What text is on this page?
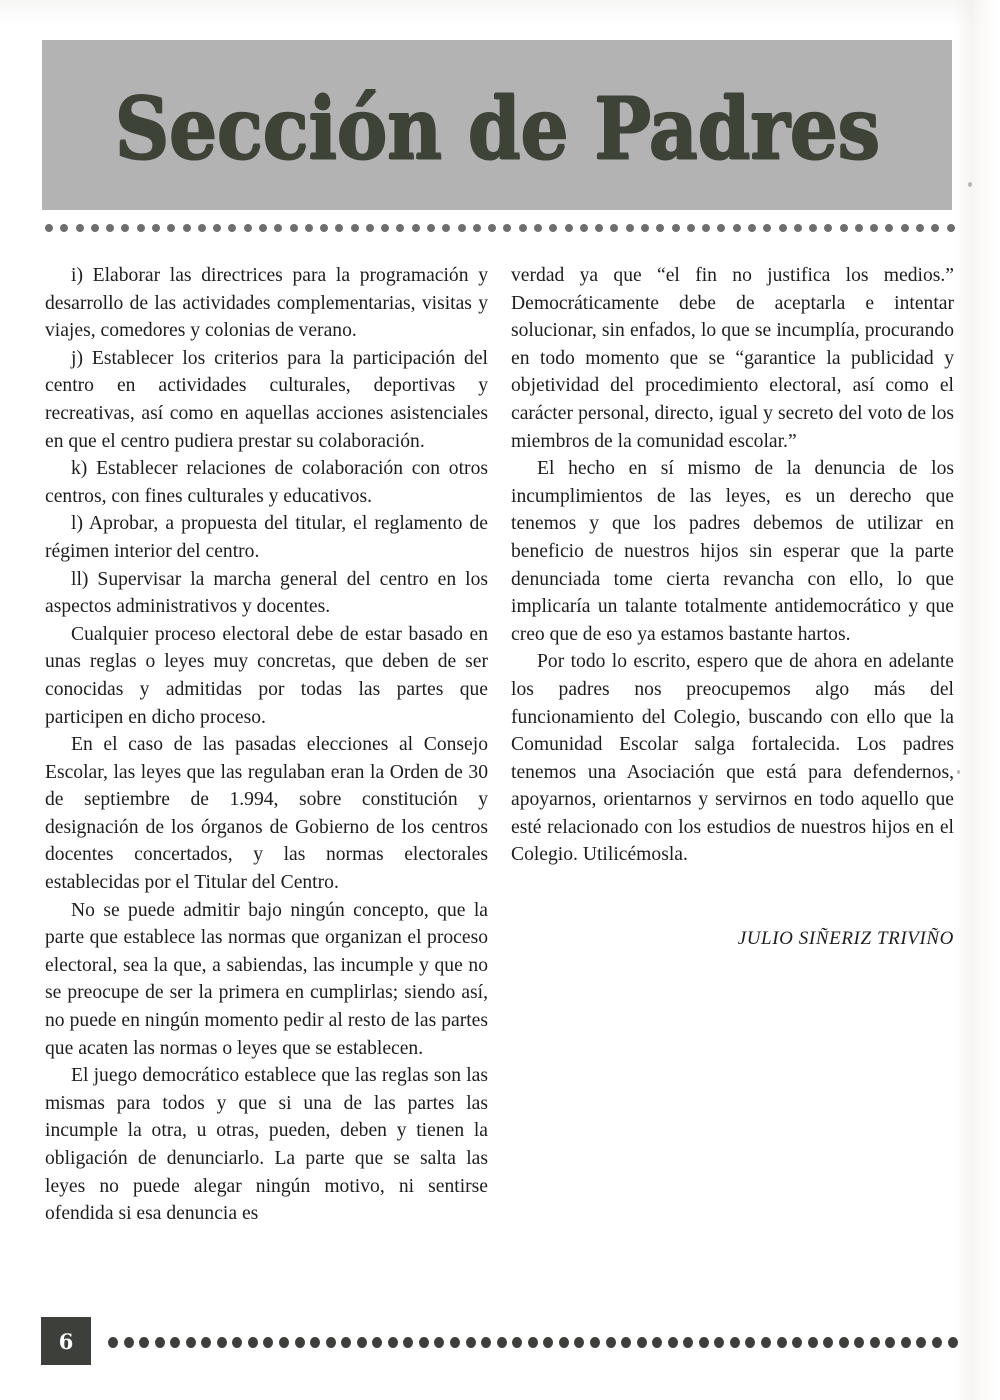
Sección de Padres

i) Elaborar las directrices para la programación y desarrollo de las actividades complementarias, visitas y viajes, comedores y colonias de verano.

j) Establecer los criterios para la participación del centro en actividades culturales, deportivas y recreativas, así como en aquellas acciones asistenciales en que el centro pudiera prestar su colaboración.

k) Establecer relaciones de colaboración con otros centros, con fines culturales y educativos.

l) Aprobar, a propuesta del titular, el reglamento de régimen interior del centro.

ll) Supervisar la marcha general del centro en los aspectos administrativos y docentes.

Cualquier proceso electoral debe de estar basado en unas reglas o leyes muy concretas, que deben de ser conocidas y admitidas por todas las partes que participen en dicho proceso.

En el caso de las pasadas elecciones al Consejo Escolar, las leyes que las regulaban eran la Orden de 30 de septiembre de 1.994, sobre constitución y designación de los órganos de Gobierno de los centros docentes concertados, y las normas electorales establecidas por el Titular del Centro.

No se puede admitir bajo ningún concepto, que la parte que establece las normas que organizan el proceso electoral, sea la que, a sabiendas, las incumple y que no se preocupe de ser la primera en cumplirlas; siendo así, no puede en ningún momento pedir al resto de las partes que acaten las normas o leyes que se establecen.

El juego democrático establece que las reglas son las mismas para todos y que si una de las partes las incumple la otra, u otras, pueden, deben y tienen la obligación de denunciarlo. La parte que se salta las leyes no puede alegar ningún motivo, ni sentirse ofendida si esa denuncia es

verdad ya que “el fin no justifica los medios.” Democráticamente debe de aceptarla e intentar solucionar, sin enfados, lo que se incumplía, procurando en todo momento que se “garantice la publicidad y objetividad del procedimiento electoral, así como el carácter personal, directo, igual y secreto del voto de los miembros de la comunidad escolar.”

El hecho en sí mismo de la denuncia de los incumplimientos de las leyes, es un derecho que tenemos y que los padres debemos de utilizar en beneficio de nuestros hijos sin esperar que la parte denunciada tome cierta revancha con ello, lo que implicaría un talante totalmente antidemocrático y que creo que de eso ya estamos bastante hartos.

Por todo lo escrito, espero que de ahora en adelante los padres nos preocupemos algo más del funcionamiento del Colegio, buscando con ello que la Comunidad Escolar salga fortalecida. Los padres tenemos una Asociación que está para defendernos, apoyarnos, orientarnos y servirnos en todo aquello que esté relacionado con los estudios de nuestros hijos en el Colegio. Utilicémosla.

JULIO SIÑERIZ TRIVIÑO

6
